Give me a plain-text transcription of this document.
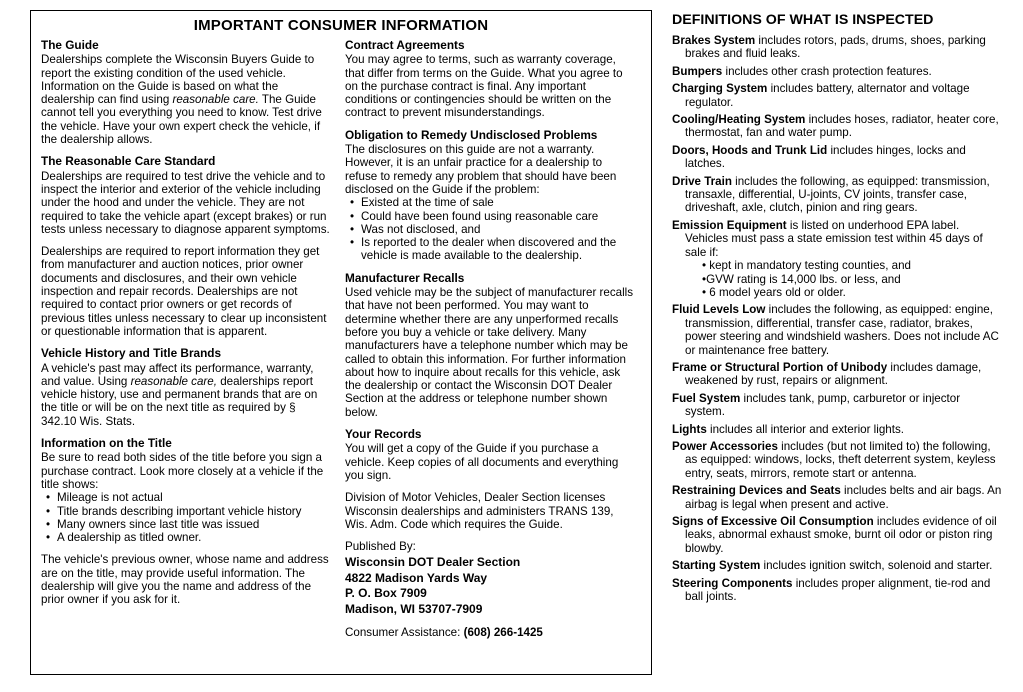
IMPORTANT CONSUMER INFORMATION
The Guide

Dealerships complete the Wisconsin Buyers Guide to report the existing condition of the used vehicle. Information on the Guide is based on what the dealership can find using reasonable care. The Guide cannot tell you everything you need to know. Test drive the vehicle. Have your own expert check the vehicle, if the dealership allows.

The Reasonable Care Standard

Dealerships are required to test drive the vehicle and to inspect the interior and exterior of the vehicle including under the hood and under the vehicle. They are not required to take the vehicle apart (except brakes) or run tests unless necessary to diagnose apparent symptoms.

Dealerships are required to report information they get from manufacturer and auction notices, prior owner documents and disclosures, and their own vehicle inspection and repair records. Dealerships are not required to contact prior owners or get records of previous titles unless necessary to clear up inconsistent or questionable information that is apparent.

Vehicle History and Title Brands

A vehicle's past may affect its performance, warranty, and value. Using reasonable care, dealerships report vehicle history, use and permanent brands that are on the title or will be on the next title as required by § 342.10 Wis. Stats.

Information on the Title

Be sure to read both sides of the title before you sign a purchase contract. Look more closely at a vehicle if the title shows:

• Mileage is not actual
• Title brands describing important vehicle history
• Many owners since last title was issued
• A dealership as titled owner.

The vehicle's previous owner, whose name and address are on the title, may provide useful information. The dealership will give you the name and address of the prior owner if you ask for it.

Contract Agreements

You may agree to terms, such as warranty coverage, that differ from terms on the Guide. What you agree to on the purchase contract is final. Any important conditions or contingencies should be written on the contract to prevent misunderstandings.

Obligation to Remedy Undisclosed Problems

The disclosures on this guide are not a warranty. However, it is an unfair practice for a dealership to refuse to remedy any problem that should have been disclosed on the Guide if the problem:

• Existed at the time of sale
• Could have been found using reasonable care
• Was not disclosed, and
• Is reported to the dealer when discovered and the vehicle is made available to the dealership.
Manufacturer Recalls

Used vehicle may be the subject of manufacturer recalls that have not been performed. You may want to determine whether there are any unperformed recalls before you buy a vehicle or take delivery. Many manufacturers have a telephone number which may be called to obtain this information. For further information about how to inquire about recalls for this vehicle, ask the dealership or contact the Wisconsin DOT Dealer Section at the address or telephone number shown below.

Your Records

You will get a copy of the Guide if you purchase a vehicle. Keep copies of all documents and everything you sign.

Division of Motor Vehicles, Dealer Section licenses Wisconsin dealerships and administers TRANS 139, Wis. Adm. Code which requires the Guide.

Published By:

Wisconsin DOT Dealer Section

4822 Madison Yards Way

P. O. Box 7909

Madison, WI 53707-7909

Consumer Assistance: (608) 266-1425

DEFINITIONS OF WHAT IS INSPECTED

Brakes System includes rotors, pads, drums, shoes, parking brakes and fluid leaks.

Bumpers includes other crash protection features.

Charging System includes battery, alternator and voltage regulator.

Cooling/Heating System includes hoses, radiator, heater core, thermostat, fan and water pump.

Doors, Hoods and Trunk Lid includes hinges, locks and latches.

Drive Train includes the following, as equipped: transmission, transaxle, differential, U-joints, CV joints, transfer case, driveshaft, axle, clutch, pinion and ring gears.

Emission Equipment is listed on underhood EPA label. Vehicles must pass a state emission test within 45 days of sale if:
• kept in mandatory testing counties, and
•GVW rating is 14,000 lbs. or less, and
• 6 model years old or older.

Fluid Levels Low includes the following, as equipped: engine, transmission, differential, transfer case, radiator, brakes, power steering and windshield washers. Does not include AC or maintenance free battery.

Frame or Structural Portion of Unibody includes damage, weakened by rust, repairs or alignment.

Fuel System includes tank, pump, carburetor or injector system.

Lights includes all interior and exterior lights.

Power Accessories includes (but not limited to) the following, as equipped: windows, locks, theft deterrent system, keyless entry, seats, mirrors, remote start or antenna.

Restraining Devices and Seats includes belts and air bags. An airbag is legal when present and active.

Signs of Excessive Oil Consumption includes evidence of oil leaks, abnormal exhaust smoke, burnt oil odor or piston ring blowby.

Starting System includes ignition switch, solenoid and starter.

Steering Components includes proper alignment, tie-rod and ball joints.
